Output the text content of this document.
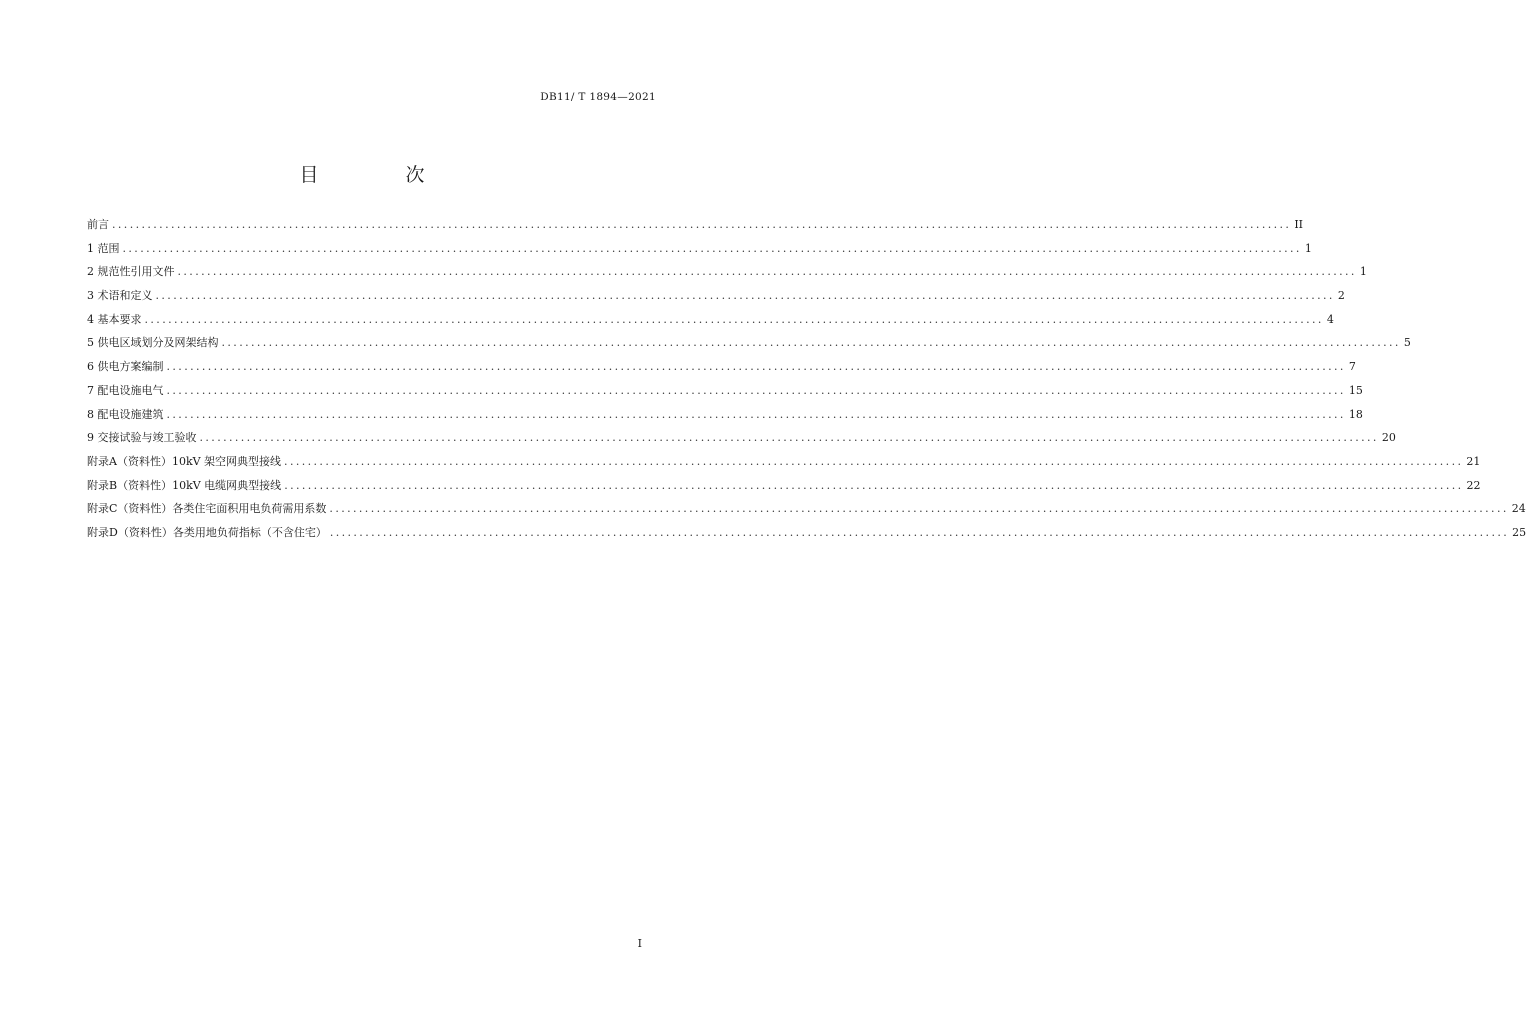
DB11/ T 1894—2021
目　次
前言 ........................................................................................................................................................................................................ II
1 范围 ........................................................................................................................................................................................................ 1
2 规范性引用文件 ........................................................................................................................................................................................................ 1
3 术语和定义 ........................................................................................................................................................................................................ 2
4 基本要求 ........................................................................................................................................................................................................ 4
5 供电区域划分及网架结构 ........................................................................................................................................................................................................ 5
6 供电方案编制 ........................................................................................................................................................................................................ 7
7 配电设施电气 ........................................................................................................................................................................................................ 15
8 配电设施建筑 ........................................................................................................................................................................................................ 18
9 交接试验与竣工验收 ........................................................................................................................................................................................................ 20
附录A（资料性）10kV 架空网典型接线 ........................................................................................................................................................................................................ 21
附录B（资料性）10kV 电缆网典型接线 ........................................................................................................................................................................................................ 22
附录C（资料性）各类住宅面积用电负荷需用系数 ........................................................................................................................................................................................................ 24
附录D（资料性）各类用地负荷指标（不含住宅） ........................................................................................................................................................................................................ 25
I
